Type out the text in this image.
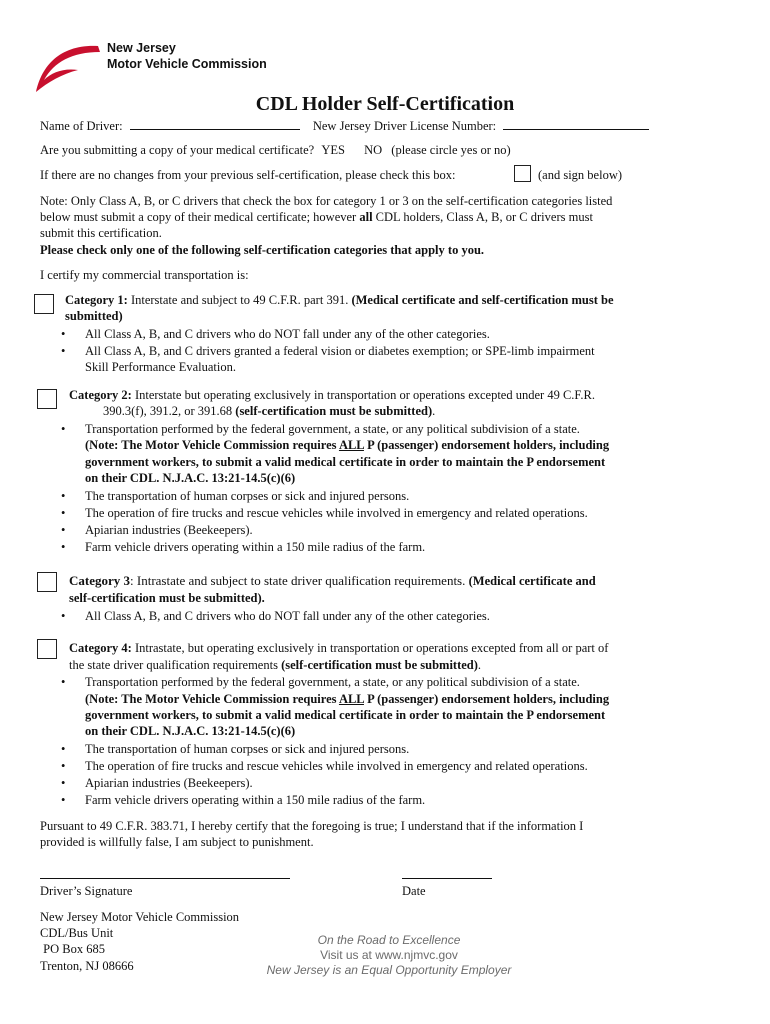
New Jersey
Motor Vehicle Commission
CDL Holder Self-Certification
Name of Driver:	New Jersey Driver License Number:
Are you submitting a copy of your medical certificate? YES NO (please circle yes or no)
If there are no changes from your previous self-certification, please check this box:	(and sign below)
Note: Only Class A, B, or C drivers that check the box for category 1 or 3 on the self-certification categories listed
below must submit a copy of their medical certificate; however all CDL holders, Class A, B, or C drivers must
submit this certification.
Please check only one of the following self-certification categories that apply to you.
I certify my commercial transportation is:
Category 1: Interstate and subject to 49 C.F.R. part 391. (Medical certificate and self-certification must be
submitted)
• All Class A, B, and C drivers who do NOT fall under any of the other categories.
• All Class A, B, and C drivers granted a federal vision or diabetes exemption; or SPE-limb impairment
Skill Performance Evaluation.
Category 2: Interstate but operating exclusively in transportation or operations excepted under 49 C.F.R.
390.3(f), 391.2, or 391.68 (self-certification must be submitted).
• Transportation performed by the federal government, a state, or any political subdivision of a state.
(Note: The Motor Vehicle Commission requires ALL P (passenger) endorsement holders, including
government workers, to submit a valid medical certificate in order to maintain the P endorsement
on their CDL. N.J.A.C. 13:21-14.5(c)(6)
• The transportation of human corpses or sick and injured persons.
• The operation of fire trucks and rescue vehicles while involved in emergency and related operations.
• Apiarian industries (Beekeepers).
• Farm vehicle drivers operating within a 150 mile radius of the farm.
Category 3: Intrastate and subject to state driver qualification requirements. (Medical certificate and
self-certification must be submitted).
• All Class A, B, and C drivers who do NOT fall under any of the other categories.
Category 4: Intrastate, but operating exclusively in transportation or operations excepted from all or part of
the state driver qualification requirements (self-certification must be submitted).
• Transportation performed by the federal government, a state, or any political subdivision of a state.
(Note: The Motor Vehicle Commission requires ALL P (passenger) endorsement holders, including
government workers, to submit a valid medical certificate in order to maintain the P endorsement
on their CDL. N.J.A.C. 13:21-14.5(c)(6)
• The transportation of human corpses or sick and injured persons.
• The operation of fire trucks and rescue vehicles while involved in emergency and related operations.
• Apiarian industries (Beekeepers).
• Farm vehicle drivers operating within a 150 mile radius of the farm.
Pursuant to 49 C.F.R. 383.71, I hereby certify that the foregoing is true; I understand that if the information I
provided is willfully false, I am subject to punishment.
Driver’s Signature	Date
New Jersey Motor Vehicle Commission
CDL/Bus Unit
PO Box 685
Trenton, NJ 08666
On the Road to Excellence
Visit us at www.njmvc.gov
New Jersey is an Equal Opportunity Employer
